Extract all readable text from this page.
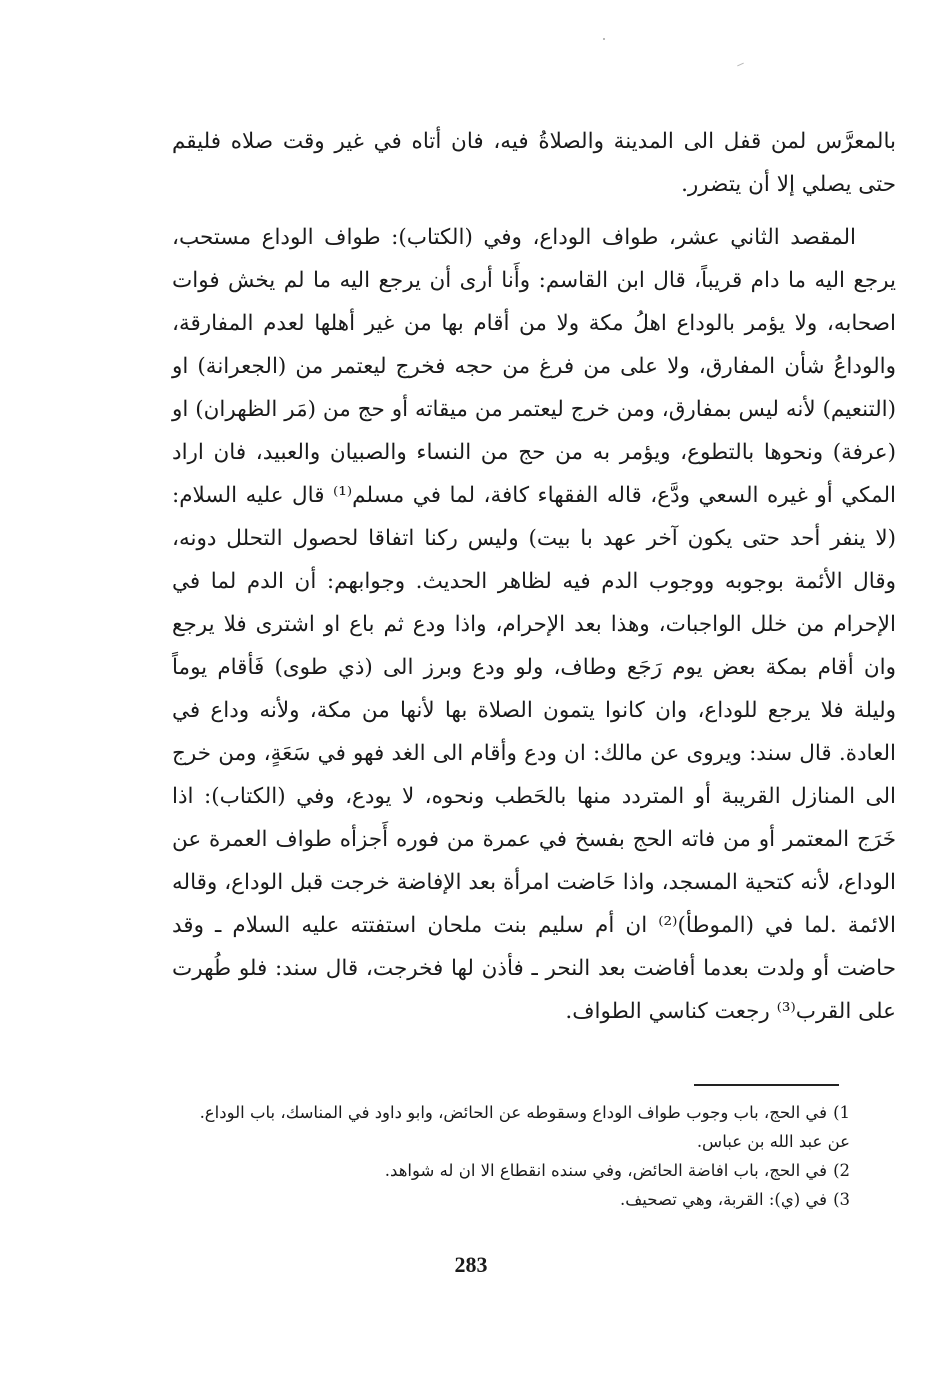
بالمعرَّس لمن قفل الى المدينة والصلاةُ فيه، فان أتاه في غير وقت صلاه فليقم حتى يصلي إلا أن يتضرر.

المقصد الثاني عشر، طواف الوداع، وفي (الكتاب): طواف الوداع مستحب، يرجع اليه ما دام قريباً، قال ابن القاسم: وأَنا أرى أن يرجع اليه ما لم يخش فوات اصحابه، ولا يؤمر بالوداع اهلُ مكة ولا من أقام بها من غير أهلها لعدم المفارقة، والوداعُ شأن المفارق، ولا على من فرغ من حجه فخرج ليعتمر من (الجعرانة) او (التنعيم) لأنه ليس بمفارق، ومن خرج ليعتمر من ميقاته أو حج من (مَر الظهران) او (عرفة) ونحوها بالتطوع، ويؤمر به من حج من النساء والصبيان والعبيد، فان اراد المكي أو غيره السعي ودَّع، قاله الفقهاء كافة، لما في مسلم⁽¹⁾ قال عليه السلام: (لا ينفر أحد حتى يكون آخر عهد با بيت) وليس ركنا اتفاقا لحصول التحلل دونه، وقال الأئمة بوجوبه ووجوب الدم فيه لظاهر الحديث. وجوابهم: أن الدم لما في الإحرام من خلل الواجبات، وهذا بعد الإحرام، واذا ودع ثم باع او اشترى فلا يرجع وان أقام بمكة بعض يوم رَجَع وطاف، ولو ودع وبرز الى (ذي طوى) فَأقام يوماً وليلة فلا يرجع للوداع، وان كانوا يتمون الصلاة بها لأنها من مكة، ولأنه وداع في العادة. قال سند: ويروى عن مالك: ان ودع وأقام الى الغد فهو في سَعَةٍ، ومن خرج الى المنازل القريبة أو المتردد منها بالحَطب ونحوه، لا يودع، وفي (الكتاب): اذا خَرَج المعتمر أو من فاته الحج بفسخ في عمرة من فوره أَجزأه طواف العمرة عن الوداع، لأنه كتحية المسجد، واذا حَاضت امرأة بعد الإفاضة خرجت قبل الوداع، وقاله الائمة .لما في (الموطأ)⁽²⁾ ان أم سليم بنت ملحان استفتته عليه السلام ـ وقد حاضت أو ولدت بعدما أفاضت بعد النحر ـ فأذن لها فخرجت، قال سند: فلو طُهرت على القرب⁽³⁾ رجعت كناسي الطواف.

1)في الحج، باب وجوب طواف الوداع وسقوطه عن الحائض، وابو داود في المناسك، باب الوداع. عن عبد الله بن عباس.

2)في الحج، باب افاضة الحائض، وفي سنده انقطاع الا ان له شواهد.

3)في (ي): القربة، وهي تصحيف.

283
